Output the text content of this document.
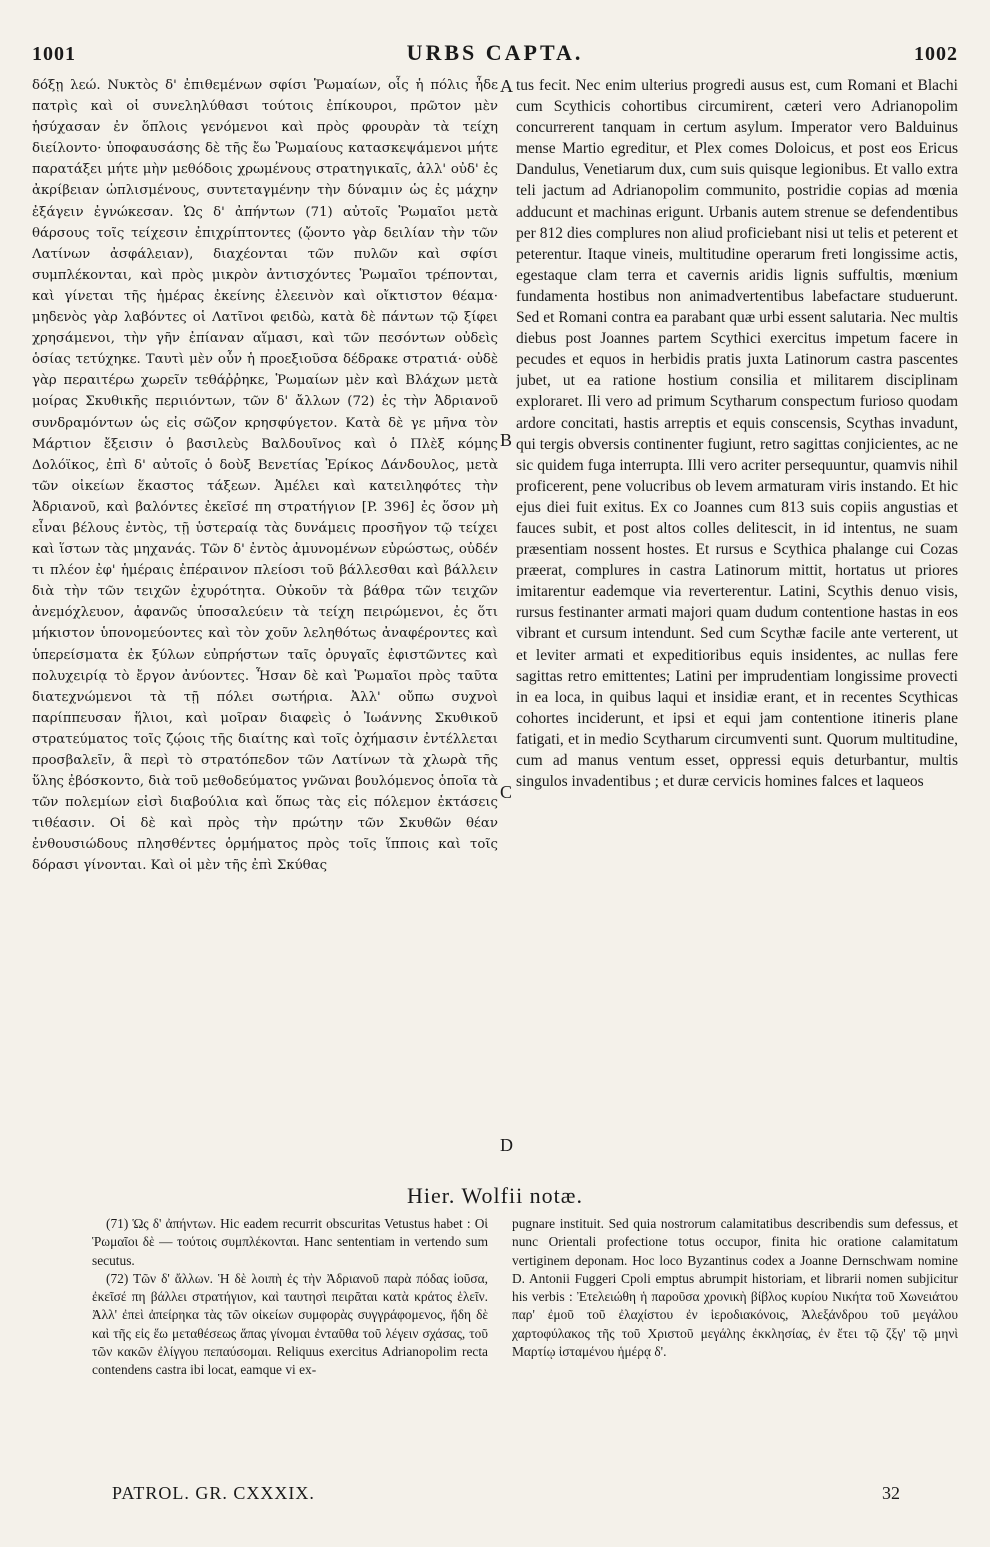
1001	URBS CAPTA.	1002

δόξῃ λεώ. Νυκτὸς δ' ἐπιθεμένων σφίσι Ῥωμαίων, οἷς ἡ πόλις ἦδε πατρὶς καὶ οἱ συνεληλύθασι τούτοις ἐπίκουροι, πρῶτον μὲν ἡσύχασαν ἐν ὅπλοις γενόμενοι καὶ πρὸς φρουρὰν τὰ τείχη διείλοντο· ὑποφαυσάσης δὲ τῆς ἔω Ῥωμαίους κατασκεψάμενοι μήτε παρατάξει μήτε μὴν μεθόδοις χρωμένους στρατηγικαῖς, ἀλλ' οὐδ' ἐς ἀκρίβειαν ὡπλισμένους, συντεταγμένην τὴν δύναμιν ὡς ἐς μάχην ἐξάγειν ἐγνώκεσαν. Ὡς δ' ἀπήντων (71) αὐτοῖς Ῥωμαῖοι μετὰ θάρσους τοῖς τείχεσιν ἐπιχρίπτοντες (ᾤοντο γὰρ δειλίαν τὴν τῶν Λατίνων ἀσφάλειαν), διαχέονται τῶν πυλῶν καὶ σφίσι συμπλέκονται, καὶ πρὸς μικρὸν ἀντισχόντες Ῥωμαῖοι τρέπονται, καὶ γίνεται τῆς ἡμέρας ἐκείνης ἐλεεινὸν καὶ οἴκτιστον θέαμα· μηδενὸς γὰρ λαβόντες οἱ Λατῖνοι φειδὼ, κατὰ δὲ πάντων τῷ ξίφει χρησάμενοι, τὴν γῆν ἐπίαναν αἵμασι, καὶ τῶν πεσόντων οὐδεὶς ὁσίας τετύχηκε. Ταυτὶ μὲν οὖν ἡ προεξιοῦσα δέδρακε στρατιά· οὐδὲ γὰρ περαιτέρω χωρεῖν τεθάῤῥηκε, Ῥωμαίων μὲν καὶ Βλάχων μετὰ μοίρας Σκυθικῆς περιιόντων, τῶν δ' ἄλλων (72) ἐς τὴν Ἀδριανοῦ συνδραμόντων ὡς εἰς σῶζον κρησφύγετον. Κατὰ δὲ γε μῆνα τὸν Μάρτιον ἔξεισιν ὁ βασιλεὺς Βαλδουῖνος καὶ ὁ Πλὲξ κόμης Δολόϊκος, ἐπὶ δ' αὐτοῖς ὁ δοὺξ Βενετίας Ἐρίκος Δάνδουλος, μετὰ τῶν οἰκείων ἕκαστος τάξεων. Ἀμέλει καὶ κατειληφότες τὴν Ἀδριανοῦ, καὶ βαλόντες ἐκεῖσέ πη στρατήγιον [P. 396] ἐς ὅσον μὴ εἶναι βέλους ἐντὸς, τῇ ὑστεραίᾳ τὰς δυνάμεις προσῆγον τῷ τείχει καὶ ἵστων τὰς μηχανάς. Τῶν δ' ἐντὸς ἀμυνομένων εὐρώστως, οὐδέν τι πλέον ἐφ' ἡμέραις ἐπέραινον πλείοσι τοῦ βάλλεσθαι καὶ βάλλειν διὰ τὴν τῶν τειχῶν ἐχυρότητα. Οὐκοῦν τὰ βάθρα τῶν τειχῶν ἀνεμόχλευον, ἀφανῶς ὑποσαλεύειν τὰ τείχη πειρώμενοι, ἐς ὅτι μήκιστον ὑπονομεύοντες καὶ τὸν χοῦν λεληθότως ἀναφέροντες καὶ ὑπερείσματα ἐκ ξύλων εὐπρήστων ταῖς ὀρυγαῖς ἐφιστῶντες καὶ πολυχειρίᾳ τὸ ἔργον ἀνύοντες. Ἦσαν δὲ καὶ Ῥωμαῖοι πρὸς ταῦτα διατεχνώμενοι τὰ τῇ πόλει σωτήρια. Ἀλλ' οὔπω συχνοὶ παρίππευσαν ἥλιοι, καὶ μοῖραν διαφεὶς ὁ Ἰωάννης Σκυθικοῦ στρατεύματος τοῖς ζῴοις τῆς διαίτης καὶ τοῖς ὀχήμασιν ἐντέλλεται προσβαλεῖν, ἃ περὶ τὸ στρατόπεδον τῶν Λατίνων τὰ χλωρὰ τῆς ὕλης ἐβόσκοντο, διὰ τοῦ μεθοδεύματος γνῶναι βουλόμενος ὁποῖα τὰ τῶν πολεμίων εἰσὶ διαβούλια καὶ ὅπως τὰς εἰς πόλεμον ἐκτάσεις τιθέασιν. Οἱ δὲ καὶ πρὸς τὴν πρώτην τῶν Σκυθῶν θέαν ἐνθουσιώδους πλησθέντες ὁρμήματος πρὸς τοῖς ἵπποις καὶ τοῖς δόρασι γίνονται. Καὶ οἱ μὲν τῆς ἐπὶ Σκύθας

A
B
C
D

tus fecit. Nec enim ulterius progredi ausus est, cum Romani et Blachi cum Scythicis cohortibus circumirent, cæteri vero Adrianopolim concurrerent tanquam in certum asylum. Imperator vero Balduinus mense Martio egreditur, et Plex comes Doloicus, et post eos Ericus Dandulus, Venetiarum dux, cum suis quisque legionibus. Et vallo extra teli jactum ad Adrianopolim communito, postridie copias ad mœnia adducunt et machinas erigunt. Urbanis autem strenue se defendentibus per 812 dies complures non aliud proficiebant nisi ut telis et peterent et peterentur. Itaque vineis, multitudine operarum freti longissime actis, egestaque clam terra et cavernis aridis lignis suffultis, mœnium fundamenta hostibus non animadvertentibus labefactare studuerunt. Sed et Romani contra ea parabant quæ urbi essent salutaria. Nec multis diebus post Joannes partem Scythici exercitus impetum facere in pecudes et equos in herbidis pratis juxta Latinorum castra pascentes jubet, ut ea ratione hostium consilia et militarem disciplinam exploraret. Ili vero ad primum Scytharum conspectum furioso quodam ardore concitati, hastis arreptis et equis conscensis, Scythas invadunt, qui tergis obversis continenter fugiunt, retro sagittas conjicientes, ac ne sic quidem fuga interrupta. Illi vero acriter persequuntur, quamvis nihil proficerent, pene volucribus ob levem armaturam viris instando. Et hic ejus diei fuit exitus. Ex co Joannes cum 813 suis copiis angustias et fauces subit, et post altos colles delitescit, in id intentus, ne suam præsentiam nossent hostes. Et rursus e Scythica phalange cui Cozas præerat, complures in castra Latinorum mittit, hortatus ut priores imitarentur eademque via reverterentur. Latini, Scythis denuo visis, rursus festinanter armati majori quam dudum contentione hastas in eos vibrant et cursum intendunt. Sed cum Scythæ facile ante verterent, ut et leviter armati et expeditioribus equis insidentes, ac nullas fere sagittas retro emittentes; Latini per imprudentiam longissime provecti in ea loca, in quibus laqui et insidiæ erant, et in recentes Scythicas cohortes inciderunt, et ipsi et equi jam contentione itineris plane fatigati, et in medio Scytharum circumventi sunt. Quorum multitudine, cum ad manus ventum esset, oppressi equis deturbantur, multis singulos invadentibus ; et duræ cervicis homines falces et laqueos

Hier. Wolfii notæ.

(71) Ὡς δ' ἀπήντων. Hic eadem recurrit obscuritas Vetustus habet : Οἱ Ῥωμαῖοι δὲ — τούτοις συμπλέκονται. Hanc sententiam in vertendo sum secutus.

(72) Τῶν δ' ἄλλων. Ἡ δὲ λοιπὴ ἐς τὴν Ἀδριανοῦ παρὰ πόδας ἰοῦσα, ἐκεῖσέ πη βάλλει στρατήγιον, καὶ ταυτησὶ πειρᾶται κατὰ κράτος ἑλεῖν. Ἀλλ' ἐπεὶ ἀπείρηκα τὰς τῶν οἰκείων συμφορὰς συγγράφομενος, ἤδη δὲ καὶ τῆς εἰς ἕω μεταθέσεως ἅπας γίνομαι ἐνταῦθα τοῦ λέγειν σχάσας, τοῦ τῶν κακῶν ἐλίγγου πεπαύσομαι. Reliquus exercitus Adrianopolim recta contendens castra ibi locat, eamque vi ex-

pugnare instituit. Sed quia nostrorum calamitatibus describendis sum defessus, et nunc Orientali profectione totus occupor, finita hic oratione calamitatum vertiginem deponam. Hoc loco Byzantinus codex a Joanne Dernschwam nomine D. Antonii Fuggeri Cpoli emptus abrumpit historiam, et librarii nomen subjicitur his verbis : Ἐτελειώθη ἡ παροῦσα χρονικὴ βίβλος κυρίου Νικήτα τοῦ Χωνειάτου παρ' ἐμοῦ τοῦ ἐλαχίστου ἐν ἱεροδιακόνοις, Ἀλεξάνδρου τοῦ μεγάλου χαρτοφύλακος τῆς τοῦ Χριστοῦ μεγάλης ἐκκλησίας, ἐν ἔτει τῷ ζξγ' τῷ μηνὶ Μαρτίῳ ἱσταμένου ἡμέρᾳ δ'.

PATROL. GR. CXXXIX.	32
